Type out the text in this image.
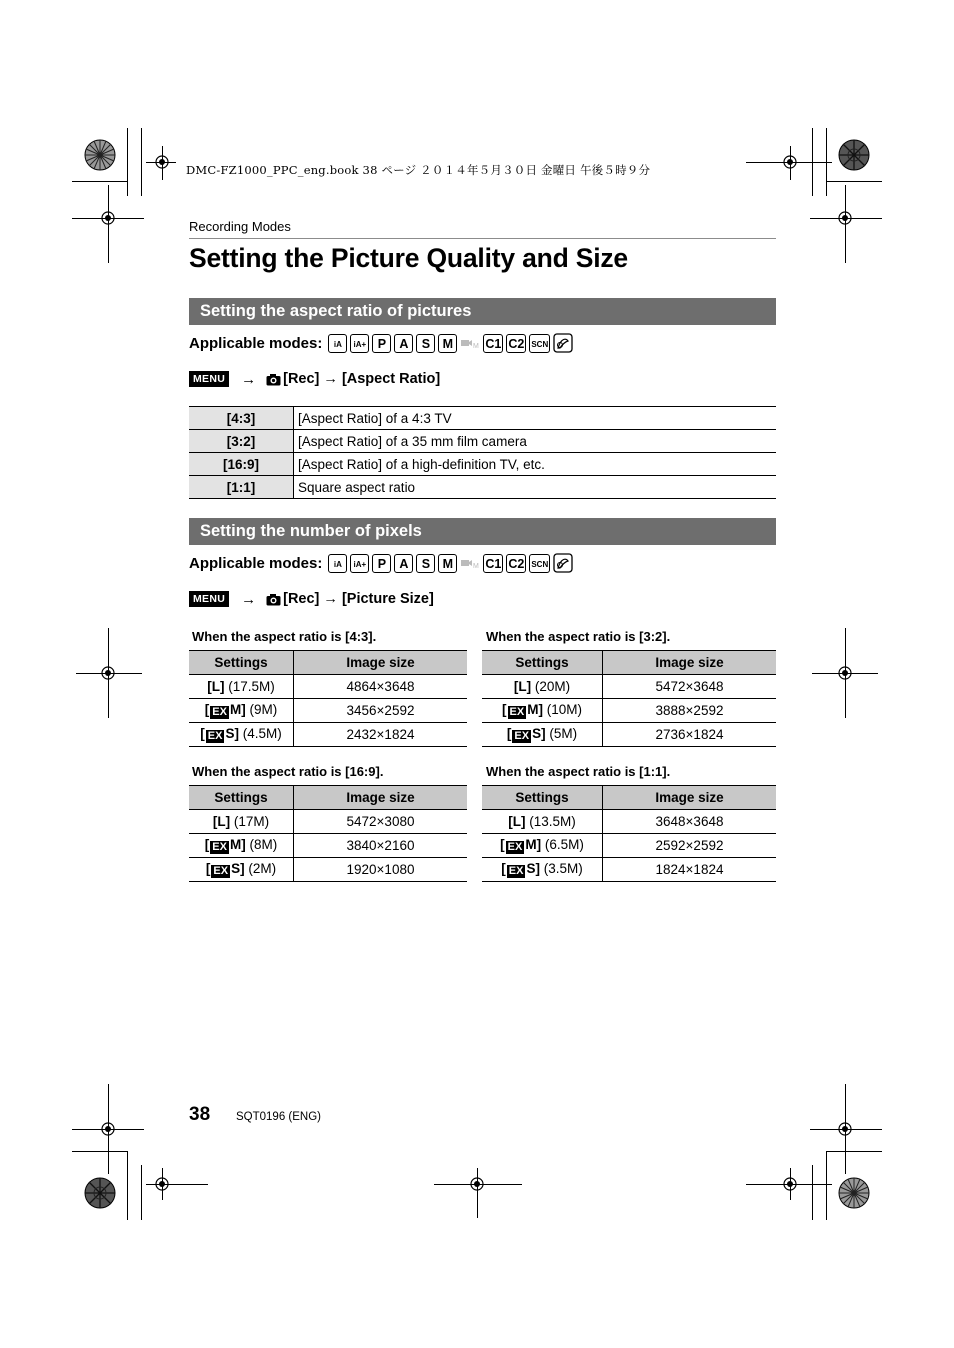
DMC-FZ1000_PPC_eng.book 38 ページ ２０１４年５月３０日 金曜日 午後５時９分
Recording Modes
Setting the Picture Quality and Size
Setting the aspect ratio of pictures
Applicable modes:	iA	iA+ P	A	S	M	M C1 C2 SCN
MENU → [Rec] → [Aspect Ratio]
[4:3]	[Aspect Ratio] of a 4:3 TV
[3:2]	[Aspect Ratio] of a 35 mm film camera
[16:9]	[Aspect Ratio] of a high-definition TV, etc.
[1:1]	Square aspect ratio
Setting the number of pixels
Applicable modes:	iA	iA+ P	A	S	M	M C1 C2 SCN
MENU → [Rec] → [Picture Size]
When the aspect ratio is [4:3].	When the aspect ratio is [3:2].
When the aspect ratio is [16:9].	When the aspect ratio is [1:1].
Settings	Image size
[L] (17.5M)	4864×3648
[ EX M] (9M)	3456×2592
[ EX S] (4.5M)	2432×1824
Settings	Image size
[L] (20M)	5472×3648
[ EX M] (10M)	3888×2592
[ EX S] (5M)	2736×1824
Settings	Image size
[L] (17M)	5472×3080
[ EX M] (8M)	3840×2160
[ EX S] (2M)	1920×1080
Settings	Image size
[L] (13.5M)	3648×3648
[ EX M] (6.5M)	2592×2592
[ EX S] (3.5M)	1824×1824
38 SQT0196 (ENG)
